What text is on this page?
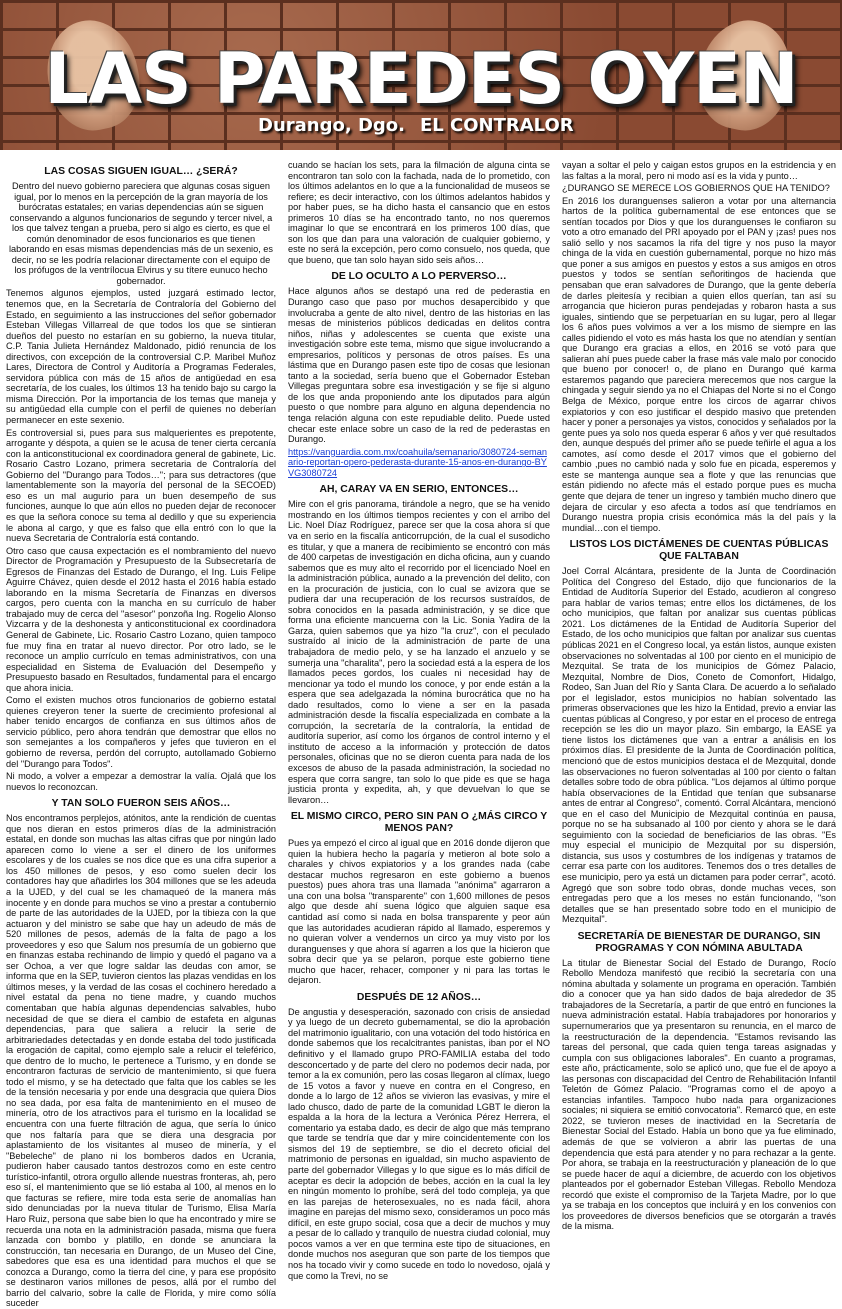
LAS PAREDES OYEN
Durango, Dgo. EL CONTRALOR
LAS COSAS SIGUEN IGUAL… ¿SERÁ?

Dentro del nuevo gobierno pareciera que algunas cosas siguen igual, por lo menos en la percepción de la gran mayoría de los burócratas estatales; en varias dependencias aún se siguen conservando a algunos funcionarios de segundo y tercer nivel, a los que talvez tengan a prueba, pero si algo es cierto, es que el común denominador de esos funcionarios es que tienen laborando en esas mismas dependencias más de un sexenio, es decir, no se les podría relacionar directamente con el equipo de los prófugos de la ventrílocua Elvirus y su títere eunuco hecho gobernador.

Tenemos algunos ejemplos, usted juzgará estimado lector, tenemos que, en la Secretaría de Contraloría del Gobierno del Estado, en seguimiento a las instrucciones del señor gobernador Esteban Villegas Villarreal de que todos los que se sintieran dueños del puesto no estarían en su gobierno, la nueva titular, C.P. Tania Julieta Hernández Maldonado, pidió renuncia de los directivos, con excepción de la controversial C.P. Maribel Muñoz Lares, Directora de Control y Auditoría a Programas Federales, servidora pública con más de 15 años de antigüedad en esa secretaría, de los cuales, los últimos 13 ha tenido bajo su cargo la misma Dirección. Por la importancia de los temas que maneja y su antigüedad ella cumple con el perfil de quienes no deberían permanecer en este sexenio.

Es controversial si, pues para sus malquerientes es prepotente, arrogante y déspota, a quien se le acusa de tener cierta cercanía con la anticonstitucional ex coordinadora general de gabinete, Lic. Rosario Castro Lozano, primera secretaria de Contraloría del Gobierno del "Durango para Todos…"; para sus detractores (que lamentablemente son la mayoría del personal de la SECOED) eso es un mal augurio para un buen desempeño de sus funciones, aunque lo que aún ellos no pueden dejar de reconocer es que la señora conoce su tema al dedillo y que su experiencia le abona al cargo, y que es falso que ella entró con lo que la nueva Secretaria de Contraloría está contando.

Otro caso que causa expectación es el nombramiento del nuevo Director de Programación y Presupuesto de la Subsecretaría de Egresos de Finanzas del Estado de Durango, el Ing. Luis Felipe Aguirre Chávez, quien desde el 2012 hasta el 2016 había estado laborando en la misma Secretaría de Finanzas en diversos cargos, pero cuenta con la mancha en su currículo de haber trabajado muy de cerca del "asesor" ponzoña Ing. Rogelio Alonso Vizcarra y de la deshonesta y anticonstitucional ex coordinadora General de Gabinete, Lic. Rosario Castro Lozano, quien tampoco fue muy fina en tratar al nuevo director. Por otro lado, se le reconoce un amplio currículo en temas administrativos, con una especialidad en Sistema de Evaluación del Desempeño y Presupuesto basado en Resultados, fundamental para el encargo que ahora inicia.

Como el existen muchos otros funcionarios de gobierno estatal quienes creyeron tener la suerte de crecimiento profesional al haber tenido encargos de confianza en sus últimos años de servicio público, pero ahora tendrán que demostrar que ellos no son semejantes a los compañeros y jefes que tuvieron en el gobierno de reversa, perdón del corrupto, autollamado Gobierno del "Durango para Todos".

Ni modo, a volver a empezar a demostrar la valía. Ojalá que los nuevos lo reconozcan.

Y TAN SOLO FUERON SEIS AÑOS…

Nos encontramos perplejos, atónitos, ante la rendición de cuentas que nos dieran en estos primeros días de la administración estatal, en donde son muchas las altas cifras que por ningún lado aparecen como lo viene a ser el dinero de los uniformes escolares y de los cuales se nos dice que es una cifra superior a los 450 millones de pesos, y eso como suelen decir los contadores hay que añadirles los 304 millones que se les adeuda a la UJED, y del cual se les chamaqueó de la manera más inocente y en donde para muchos se vino a prestar a contubernio de parte de las autoridades de la UJED, por la tibieza con la que actuaron y del ministro se sabe que hay un adeudo de más de 520 millones de pesos, además de la falta de pago a los proveedores y eso que Salum nos presumía de un gobierno que en finanzas estaba rechinando de limpio y quedó el pagano va a ser Ochoa, a ver que logre saldar las deudas con amor, se informa que en la SEP, tuvieron cientos las plazas vendidas en los últimos meses, y la verdad de las cosas el cochinero heredado a nivel estatal da pena no tiene madre, y cuando muchos comentaban que había algunas dependencias salvables, hubo necesidad de que se diera el cambio de estafeta en algunas dependencias, para que saliera a relucir la serie de arbitrariedades detectadas y en donde estaba del todo justificada la erogación de capital, como ejemplo sale a relucir el teleférico, que dentro de lo mucho, le pertenece a Turismo, y en donde se encontraron facturas de servicio de mantenimiento, si que fuera todo el mismo, y se ha detectado que falta que los cables se les de la tensión necesaria y por ende una desgracia que quiera Dios no sea dada, por esa falta de mantenimiento en el museo de minería, otro de los atractivos para el turismo en la localidad se encuentra con una fuerte filtración de agua, que sería lo único que nos faltaría para que se diera una desgracia por aplastamiento de los visitantes al museo de minería, y el "Bebeleche" de plano ni los bomberos dados en Ucrania, pudieron haber causado tantos destrozos como en este centro turístico-infantil, otrora orgullo allende nuestras fronteras, ah, pero eso sí, el mantenimiento que se lió estaba al 100, al menos en lo que facturas se refiere, mire toda esta serie de anomalías han sido denunciadas por la nueva titular de Turismo, Elisa María Haro Ruiz, persona que sabe bien lo que ha encontrado y mire se recuerda una nota en la administración pasada, misma que fuera lanzada con bombo y platillo, en donde se anunciara la construcción, tan necesaria en Durango, de un Museo del Cine, sabedores que esa es una identidad para muchos el que se conozca a Durango, como la tierra del cine, y para ese propósito se destinaron varios millones de pesos, allá por el rumbo del barrio del calvario, sobre la calle de Florida, y mire como sólía suceder

cuando se hacían los sets, para la filmación de alguna cinta se encontraron tan solo con la fachada, nada de lo prometido, con los últimos adelantos en lo que a la funcionalidad de museos se refiere; es decir interactivo, con los últimos adelantos habidos y por haber pues, se ha dicho hasta el cansancio que en estos primeros 10 días se ha encontrado tanto, no nos queremos imaginar lo que se encontrará en los primeros 100 días, que son los que dan para una valoración de cualquier gobierno, y este no será la excepción, pero como consuelo, nos queda, que que bueno, que tan solo hayan sido seis años…

DE LO OCULTO A LO PERVERSO…

Hace algunos años se destapó una red de pederastia en Durango caso que paso por muchos desapercibido y que involucraba a gente de alto nivel, dentro de las historias en las mesas de ministerios públicos dedicadas en delitos contra niños, niñas y adolescentes se cuenta que existe una investigación sobre este tema, mismo que sigue involucrando a empresarios, políticos y personas de otros países. Es una lástima que en Durango pasen este tipo de cosas que lesionan tanto a la sociedad, sería bueno que el Gobernador Esteban Villegas preguntara sobre esa investigación y se fije si alguno de los que anda proponiendo ante los diputados para algún puesto o que nombre para alguno en alguna dependencia no tenga relación alguna con este repudiable delito. Puede usted checar este enlace sobre un caso de la red de pederastas en Durango.

https://vanguardia.com.mx/coahuila/semanario/3080724-semanario-reportan-opero-pederasta-durante-15-anos-en-durango-BYVG3080724

AH, CARAY VA EN SERIO, ENTONCES…

Mire con el gris panorama, tirándole a negro, que se ha venido mostrando en los últimos tiempos recientes y con el arribo del Lic. Noel Díaz Rodríguez, parece ser que la cosa ahora sí que va en serio en la fiscalía anticorrupción, de la cual el susodicho es titular, y que a manera de recibimiento se encontró con más de 400 carpetas de investigación en dicha oficina, aun y cuando sabemos que es muy alto el recorrido por el licenciado Noel en la administración pública, aunado a la prevención del delito, con en la procuración de justicia, con lo cual se avizora que se pudiera dar una recuperación de los recursos sustraídos, de sobra conocidos en la pasada administración, y se dice que forma una eficiente mancuerna con la Lic. Sonia Yadira de la Garza, quien sabemos que ya hizo "la cruz", con el peculado sustraído al inicio de la administración de parte de una trabajadora de medio pelo, y se ha lanzado el anzuelo y se sumerja una "charalita", pero la sociedad está a la espera de los llamados peces gordos, los cuales ni necesidad hay de mencionar ya todo el mundo los conoce, y por ende están a la espera que sea adelgazada la nómina burocrática que no ha dado resultados, como lo viene a ser en la pasada administración desde la fiscalía especializada en combate a la corrupción, la secretaría de la contraloría, la entidad de auditoría superior, así como los órganos de control interno y el instituto de acceso a la información y protección de datos personales, oficinas que no se dieron cuenta para nada de los excesos de abuso de la pasada administración, la sociedad no espera que corra sangre, tan solo lo que pide es que se haga justicia pronta y expedita, ah, y que devuelvan lo que se llevaron…

EL MISMO CIRCO, PERO SIN PAN O ¿MÁS CIRCO Y MENOS PAN?

Pues ya empezó el circo al igual que en 2016 donde dijeron que quien la hubiera hecho la pagaría y metieron al bote solo a charales y chivos expiatorios y a los grandes nada (cabe destacar muchos regresaron en este gobierno a buenos puestos) pues ahora tras una llamada "anónima" agarraron a una con una bolsa "transparente" con 1,600 millones de pesos algo que desde ahí suena lógico que alguien saque esa cantidad así como si nada en bolsa transparente y peor aún que las autoridades acudieran rápido al llamado, esperemos y no quieran volver a vendernos un circo ya muy visto por los duranguenses y que ahora sí agarren a los que la hicieron que sobra decir que ya se pelaron, porque este gobierno tiene mucho que hacer, rehacer, componer y ni para las tortas le dejaron.

DESPUÉS DE 12 AÑOS…

De angustia y desesperación, sazonado con crisis de ansiedad y ya luego de un decreto gubernamental, se dio la aprobación del matrimonio igualitario, con una votación del todo histórica en donde sabemos que los recalcitrantes panistas, iban por el NO definitivo y el llamado grupo PRO-FAMILIA estaba del todo desconcertado y de parte del clero no podemos decir nada, por temor a la ex comunión, pero las cosas llegaron al clímax, luego de 15 votos a favor y nueve en contra en el Congreso, en donde a lo largo de 12 años se vivieron las evasivas, y mire el lado chusco, dado de parte de la comunidad LGBT le dieron la espalda a la hora de la lectura a Verónica Pérez Herrera, el comentario ya estaba dado, es decir de algo que más temprano que tarde se tendría que dar y mire coincidentemente con los sismos del 19 de septiembre, se dio el decreto oficial del matrimonio de personas en igualdad, sin mucho aspaviento de parte del gobernador Villegas y lo que sigue es lo más difícil de aceptar es decir la adopción de bebes, acción en la cual la ley en ningún momento lo prohíbe, será del todo compleja, ya que en las parejas de heterosexuales, no es nada fácil, ahora imagine en parejas del mismo sexo, consideramos un poco más difícil, en este grupo social, cosa que a decir de muchos y muy a pesar de lo callado y tranquilo de nuestra ciudad colonial, muy pocos vamos a ver en que termina este tipo de situaciones, en donde muchos nos aseguran que son parte de los tiempos que nos ha tocado vivir y como sucede en todo lo novedoso, ojalá y que como la Trevi, no se

vayan a soltar el pelo y caigan estos grupos en la estridencia y en las faltas a la moral, pero ni modo así es la vida y punto…

¿DURANGO SE MERECE LOS GOBIERNOS QUE HA TENIDO?

En 2016 los duranguenses salieron a votar por una alternancia hartos de la política gubernamental de ese entonces que se sentían tocados por Dios y que los duranguenses le confiaron su voto a otro emanado del PRI apoyado por el PAN y ¡zas! pues nos salió sello y nos sacamos la rifa del tigre y nos puso la mayor chinga de la vida en cuestión gubernamental, porque no hizo más que poner a sus amigos en puestos y estos a sus amigos en otros puestos y todos se sentían señoritingos de hacienda que pensaban que eran salvadores de Durango, que la gente debería de darles pleitesía y recibian a quien ellos querían, tan así su arrogancia que hicieron puras pendejadas y robaron hasta a sus iguales, sintiendo que se perpetuarían en su lugar, pero al llegar los 6 años pues volvimos a ver a los mismo de siempre en las calles pidiendo el voto es más hasta los que no atendían y sentían que Durango era gracias a ellos, en 2016 se votó para que salieran ahí pues puede caber la frase más vale malo por conocido que bueno por conocer! o, de plano en Durango qué karma estaremos pagando que pareciera merecemos que nos cargue la chingada y seguir siendo ya no el Chiapas del Norte si no el Congo Belga de México, porque entre los circos de agarrar chivos expiatorios y con eso justificar el despido masivo que pretenden hacer y poner a personajes ya vistos, conocidos y señalados por la gente pues ya solo nos queda esperar 6 años y ver qué resultados den, aunque después del primer año se puede teñirle el agua a los camotes, así como desde el 2017 vimos que el gobierno del cambio ,pues no cambió nada y solo fue en picada, esperemos y este se mantenga aunque sea a flote y que las renuncias que están pidiendo no afecte más el estado porque pues es mucha gente que dejara de tener un ingreso y también mucho dinero que dejara de circular y eso afecta a todos así que tendríamos en Durango nuestra propia crisis económica más la del país y la mundial…con el tiempo.

LISTOS LOS DICTÁMENES DE CUENTAS PÚBLICAS QUE FALTABAN

Joel Corral Alcántara, presidente de la Junta de Coordinación Política del Congreso del Estado, dijo que funcionarios de la Entidad de Auditoría Superior del Estado, acudieron al congreso para hablar de varios temas; entre ellos los dictámenes, de los ocho municipios, que faltan por analizar sus cuentas públicas 2021. Los dictámenes de la Entidad de Auditoría Superior del Estado, de los ocho municipios que faltan por analizar sus cuentas públicas 2021 en el Congreso local, ya están listos, aunque existen observaciones no solventadas al 100 por ciento en el municipio de Mezquital. Se trata de los municipios de Gómez Palacio, Mezquital, Nombre de Dios, Coneto de Comonfort, Hidalgo, Rodeo, San Juan del Río y Santa Clara. De acuerdo a lo señalado por el legislador, estos municipios no habían solventado las primeras observaciones que les hizo la Entidad, previo a enviar las cuentas públicas al Congreso, y por estar en el proceso de entrega recepción se les dio un mayor plazo. Sin embargo, la EASE ya tiene listos los dictámenes que van a entrar a análisis en los próximos días. El presidente de la Junta de Coordinación política, mencionó que de estos municipios destaca el de Mezquital, donde las observaciones no fueron solventadas al 100 por ciento o faltan detalles sobre todo de obra pública. "Los dejamos al último porque había observaciones de la Entidad que tenían que subsanarse antes de entrar al Congreso", comentó. Corral Alcántara, mencionó que en el caso del Municipio de Mezquital continúa en pausa, porque no se ha subsanado al 100 por ciento y ahora se le dará seguimiento con la sociedad de beneficiarios de las obras. "Es muy especial el municipio de Mezquital por su dispersión, distancia, sus usos y costumbres de los indígenas y tratamos de cerrar esa parte con los auditores. Tenemos dos o tres detalles de ese municipio, pero ya está un dictamen para poder cerrar", acotó. Agregó que son sobre todo obras, donde muchas veces, son entregadas pero que a los meses no están funcionando, "son detalles que se han presentado sobre todo en el municipio de Mezquital".

SECRETARÍA DE BIENESTAR DE DURANGO, SIN PROGRAMAS Y CON NÓMINA ABULTADA

La titular de Bienestar Social del Estado de Durango, Rocío Rebollo Mendoza manifestó que recibió la secretaría con una nómina abultada y solamente un programa en operación. También dio a conocer que ya han sido dados de baja alrededor de 35 trabajadores de la Secretaría, a partir de que entró en funciones la nueva administración estatal. Había trabajadores por honorarios y supernumerarios que ya presentaron su renuncia, en el marco de la reestructuración de la dependencia. "Estamos revisando las tareas del personal, que cada quien tenga tareas asignadas y cumpla con sus obligaciones laborales". En cuanto a programas, este año, prácticamente, solo se aplicó uno, que fue el de apoyo a las personas con discapacidad del Centro de Rehabilitación Infantil Teletón de Gómez Palacio. "Programas como el de apoyo a estancias infantiles. Tampoco hubo nada para organizaciones sociales; ni siquiera se emitió convocatoria". Remarcó que, en este 2022, se tuvieron meses de inactividad en la Secretaría de Bienestar Social del Estado. Había un bono que ya fue eliminado, además de que se volvieron a abrir las puertas de una dependencia que está para atender y no para rechazar a la gente. Por ahora, se trabaja en la reestructuración y planeación de lo que se puede hacer de aquí a diciembre, de acuerdo con los objetivos planteados por el gobernador Esteban Villegas. Rebollo Mendoza recordó que existe el compromiso de la Tarjeta Madre, por lo que ya se trabaja en los conceptos que incluirá y en los convenios con los proveedores de diversos beneficios que se otorgarán a través de la misma.
